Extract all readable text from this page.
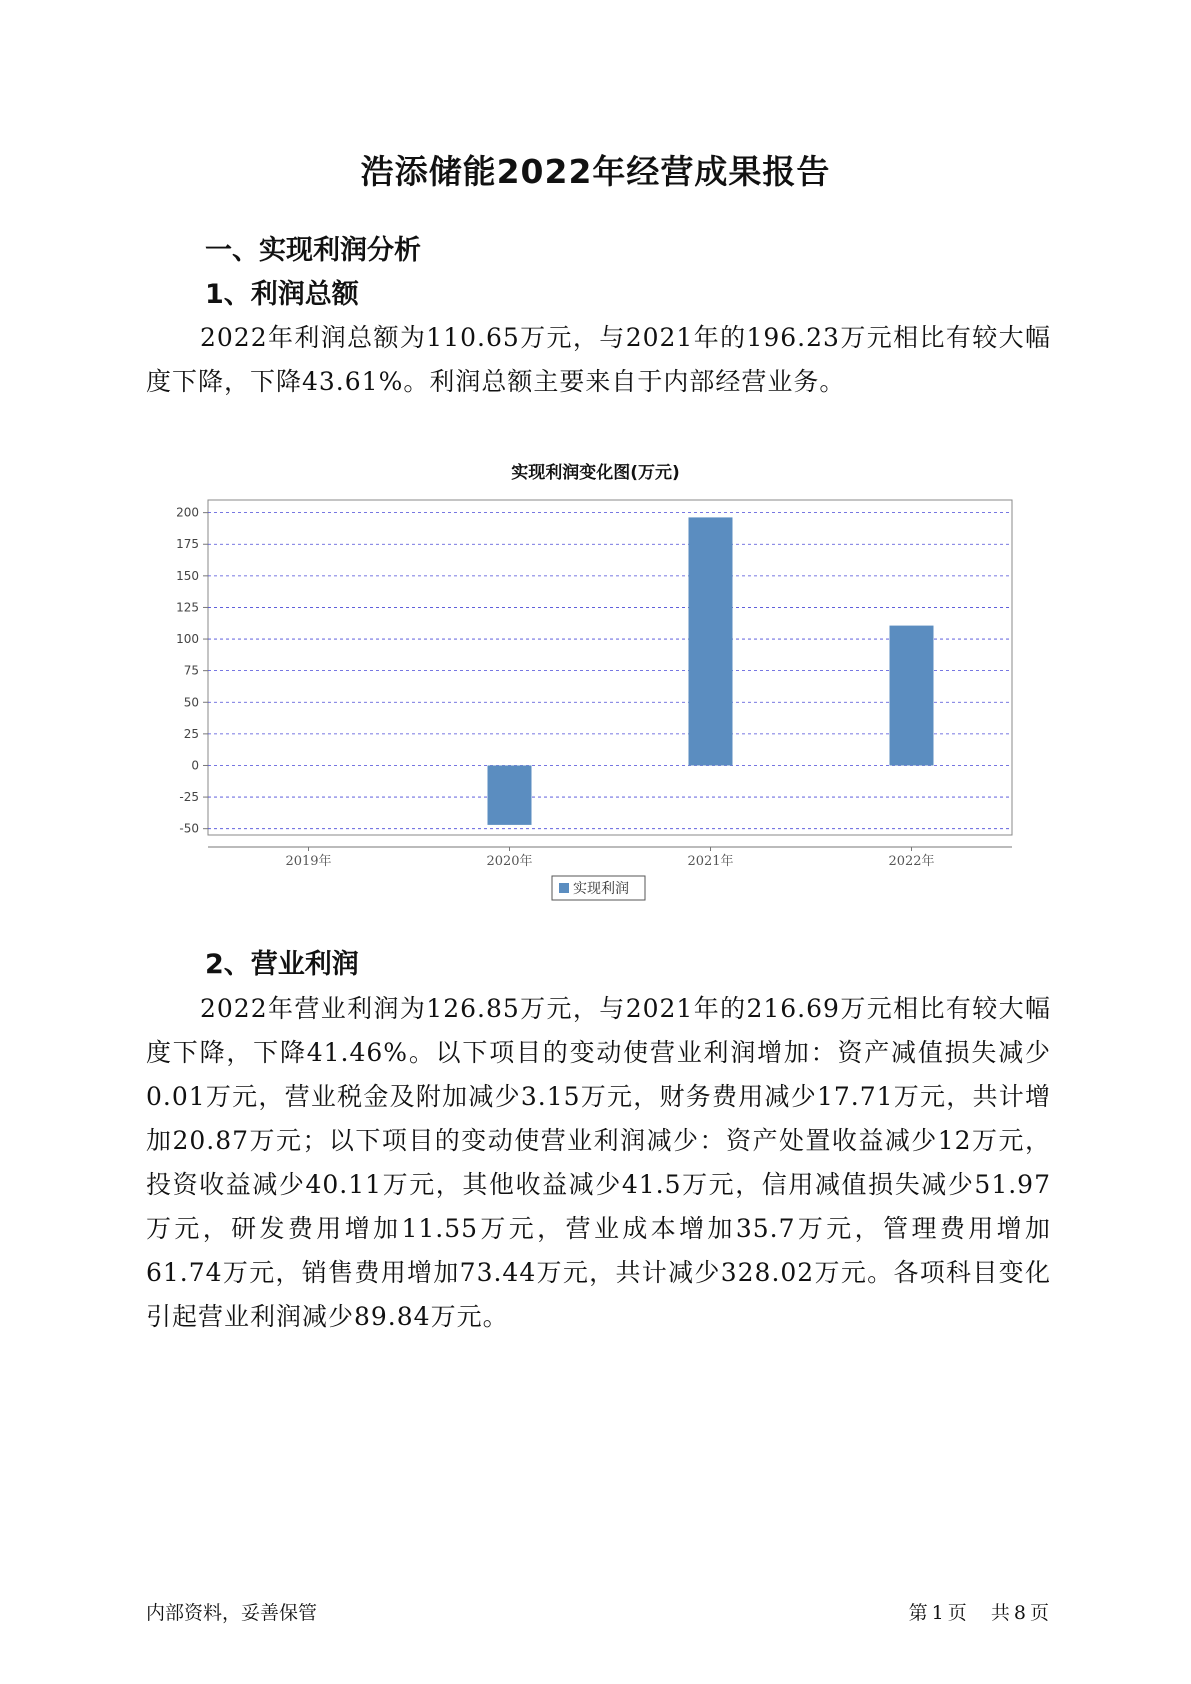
浩添储能2022年经营成果报告
一、实现利润分析
1、利润总额
2022年利润总额为110.65万元，与2021年的196.23万元相比有较大幅度下降，下降43.61%。利润总额主要来自于内部经营业务。
实现利润变化图(万元)
-50
-25
0
25
50
75
100
125
150
175
200
2019年	2020年	2021年	2022年
实现利润
2、营业利润
2022年营业利润为126.85万元，与2021年的216.69万元相比有较大幅度下降，下降41.46%。以下项目的变动使营业利润增加：资产减值损失减少0.01万元，营业税金及附加减少3.15万元，财务费用减少17.71万元，共计增加20.87万元；以下项目的变动使营业利润减少：资产处置收益减少12万元，投资收益减少40.11万元，其他收益减少41.5万元，信用减值损失减少51.97万元，研发费用增加11.55万元，营业成本增加35.7万元，管理费用增加61.74万元，销售费用增加73.44万元，共计减少328.02万元。各项科目变化引起营业利润减少89.84万元。
内部资料，妥善保管	第 1 页 共 8 页
